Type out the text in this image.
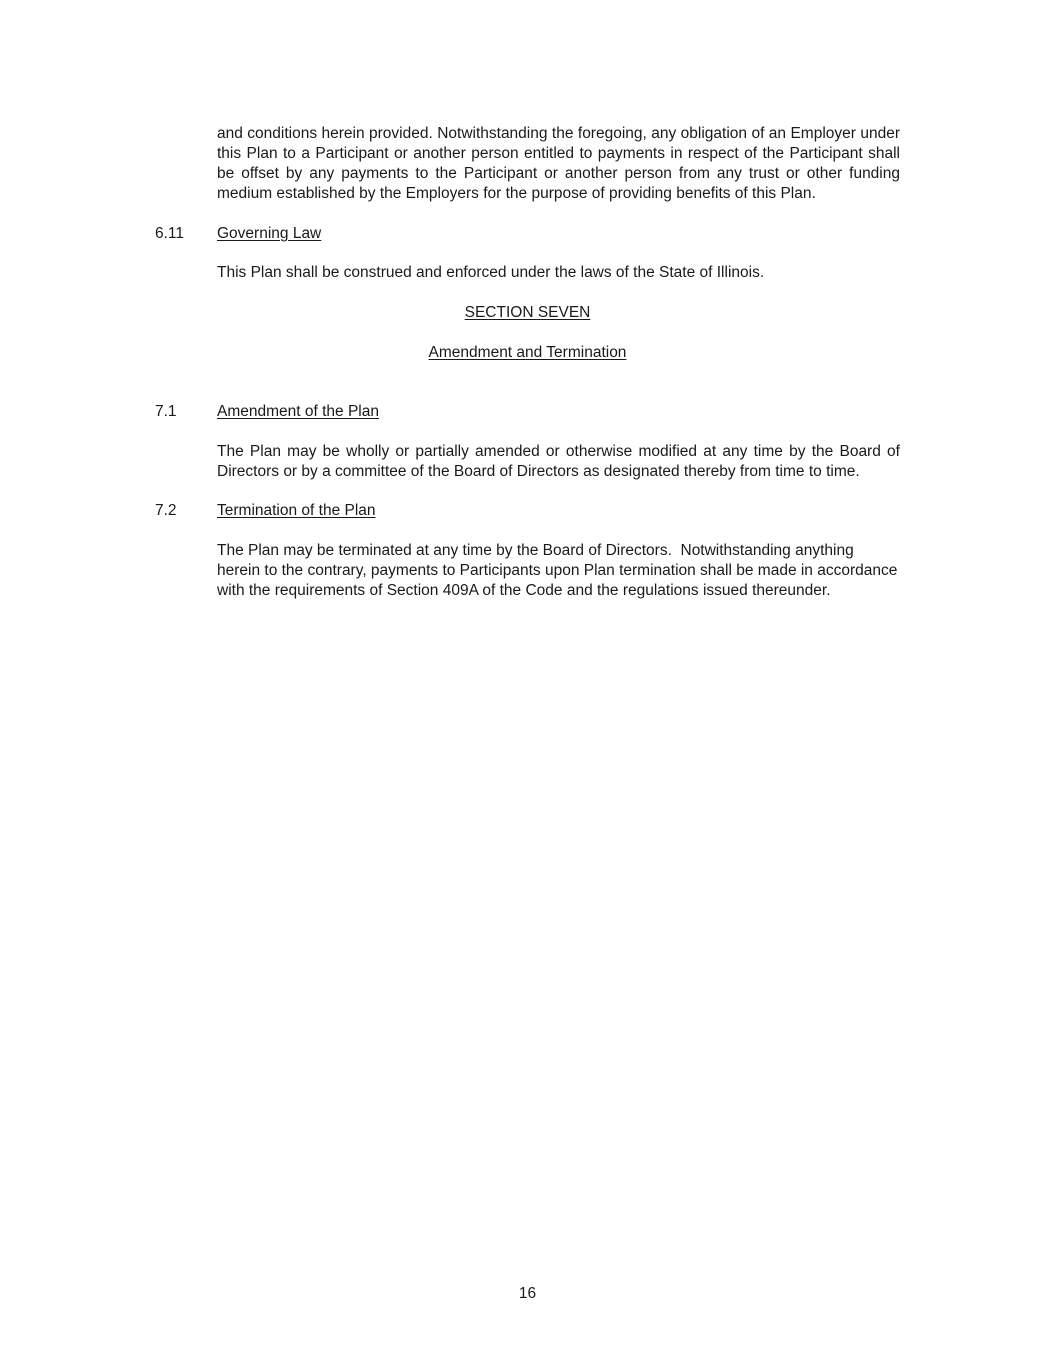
and conditions herein provided. Notwithstanding the foregoing, any obligation of an Employer under this Plan to a Participant or another person entitled to payments in respect of the Participant shall be offset by any payments to the Participant or another person from any trust or other funding medium established by the Employers for the purpose of providing benefits of this Plan.

6.11 Governing Law

This Plan shall be construed and enforced under the laws of the State of Illinois.

SECTION SEVEN
Amendment and Termination
7.1	Amendment of the Plan

The Plan may be wholly or partially amended or otherwise modified at any time by the Board of Directors or by a committee of the Board of Directors as designated thereby from time to time.

7.2	Termination of the Plan
The Plan may be terminated at any time by the Board of Directors.  Notwithstanding anything
herein to the contrary, payments to Participants upon Plan termination shall be made in accordance
with the requirements of Section 409A of the Code and the regulations issued thereunder.
16
